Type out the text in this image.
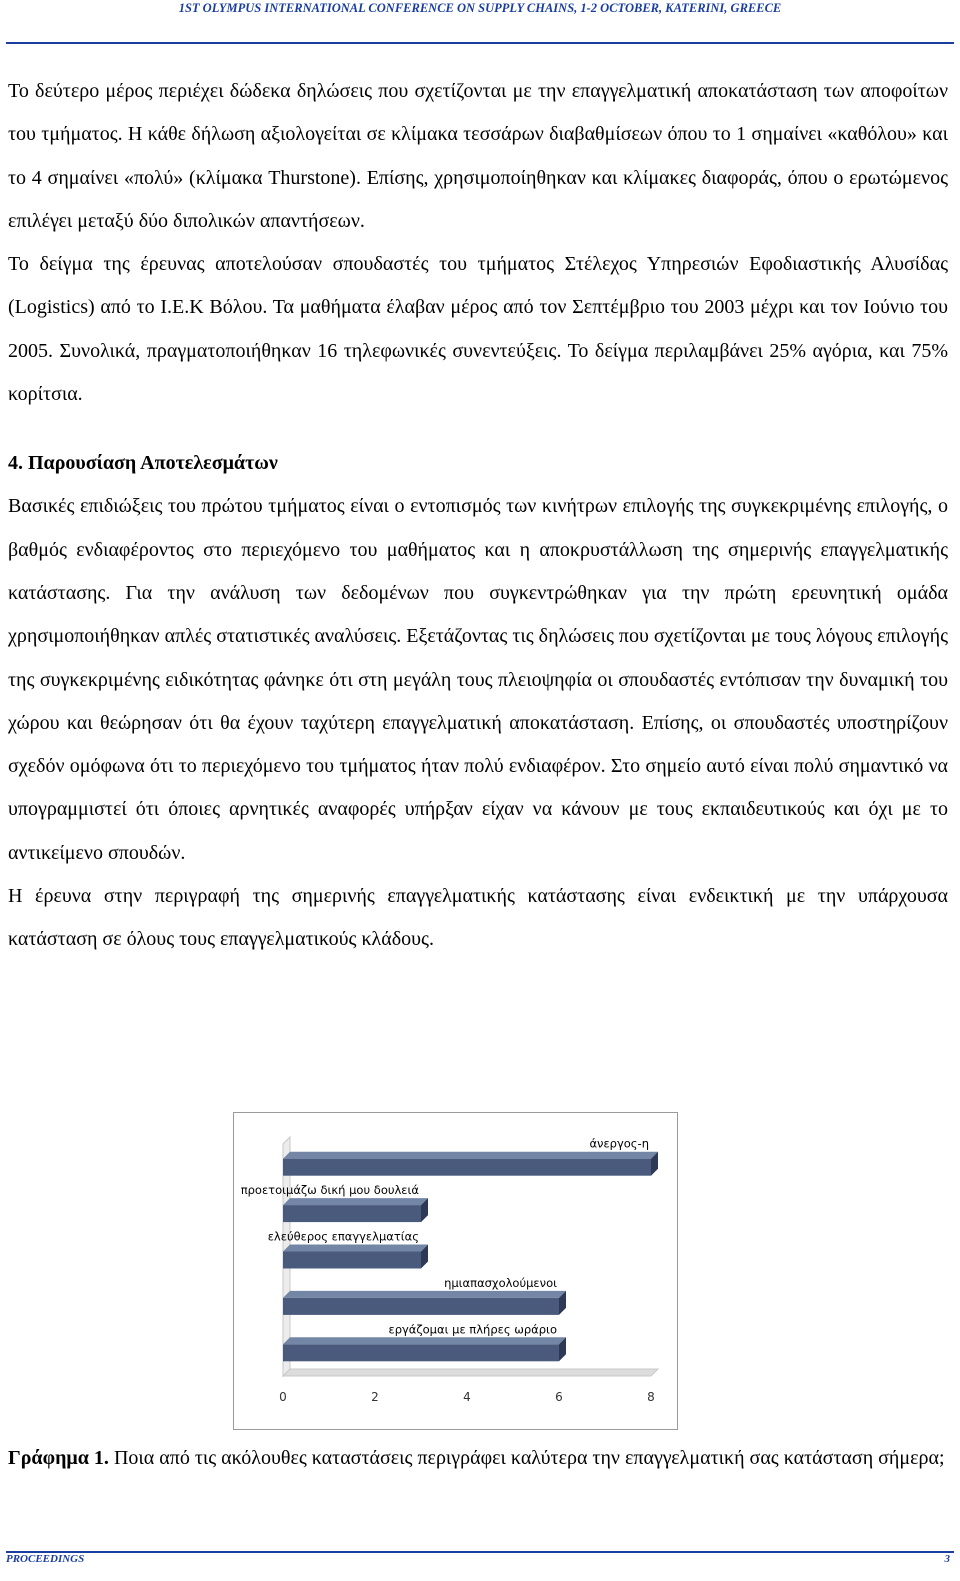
1ST OLYMPUS INTERNATIONAL CONFERENCE ON SUPPLY CHAINS, 1-2 OCTOBER, KATERINI, GREECE

Το δεύτερο μέρος περιέχει δώδεκα δηλώσεις που σχετίζονται με την επαγγελματική αποκατάσταση των αποφοίτων του τμήματος. Η κάθε δήλωση αξιολογείται σε κλίμακα τεσσάρων διαβαθμίσεων όπου το 1 σημαίνει «καθόλου» και το 4 σημαίνει «πολύ» (κλίμακα Thurstone). Επίσης, χρησιμοποίηθηκαν και κλίμακες διαφοράς, όπου ο ερωτώμενος επιλέγει μεταξύ δύο διπολικών απαντήσεων.

Το δείγμα της έρευνας αποτελούσαν σπουδαστές του τμήματος Στέλεχος Υπηρεσιών Εφοδιαστικής Αλυσίδας (Logistics) από το Ι.Ε.Κ Βόλου. Τα μαθήματα έλαβαν μέρος από τον Σεπτέμβριο του 2003 μέχρι και τον Ιούνιο του 2005. Συνολικά, πραγματοποιήθηκαν 16 τηλεφωνικές συνεντεύξεις. Το δείγμα περιλαμβάνει 25% αγόρια, και 75% κορίτσια.

4. Παρουσίαση Αποτελεσμάτων

Βασικές επιδιώξεις του πρώτου τμήματος είναι ο εντοπισμός των κινήτρων επιλογής της συγκεκριμένης επιλογής, ο βαθμός ενδιαφέροντος στο περιεχόμενο του μαθήματος και η αποκρυστάλλωση της σημερινής επαγγελματικής κατάστασης. Για την ανάλυση των δεδομένων που συγκεντρώθηκαν για την πρώτη ερευνητική ομάδα χρησιμοποιήθηκαν απλές στατιστικές αναλύσεις. Εξετάζοντας τις δηλώσεις που σχετίζονται με τους λόγους επιλογής της συγκεκριμένης ειδικότητας φάνηκε ότι στη μεγάλη τους πλειοψηφία οι σπουδαστές εντόπισαν την δυναμική του χώρου και θεώρησαν ότι θα έχουν ταχύτερη επαγγελματική αποκατάσταση. Επίσης, οι σπουδαστές υποστηρίζουν σχεδόν ομόφωνα ότι το περιεχόμενο του τμήματος ήταν πολύ ενδιαφέρον. Στο σημείο αυτό είναι πολύ σημαντικό να υπογραμμιστεί ότι όποιες αρνητικές αναφορές υπήρξαν είχαν να κάνουν με τους εκπαιδευτικούς και όχι με το αντικείμενο σπουδών.

Η έρευνα στην περιγραφή της σημερινής επαγγελματικής κατάστασης είναι ενδεικτική με την υπάρχουσα κατάσταση σε όλους τους επαγγελματικούς κλάδους.

άνεργος-η
προετοιμάζω δική μου δουλειά
ελεύθερος επαγγελματίας
ημιαπασχολούμενοι
εργάζομαι με πλήρες ωράριο
0	2	4	6	8
Γράφημα 1. Ποια από τις ακόλουθες καταστάσεις περιγράφει καλύτερα την επαγγελματική σας κατάσταση σήμερα;
PROCEEDINGS	3
